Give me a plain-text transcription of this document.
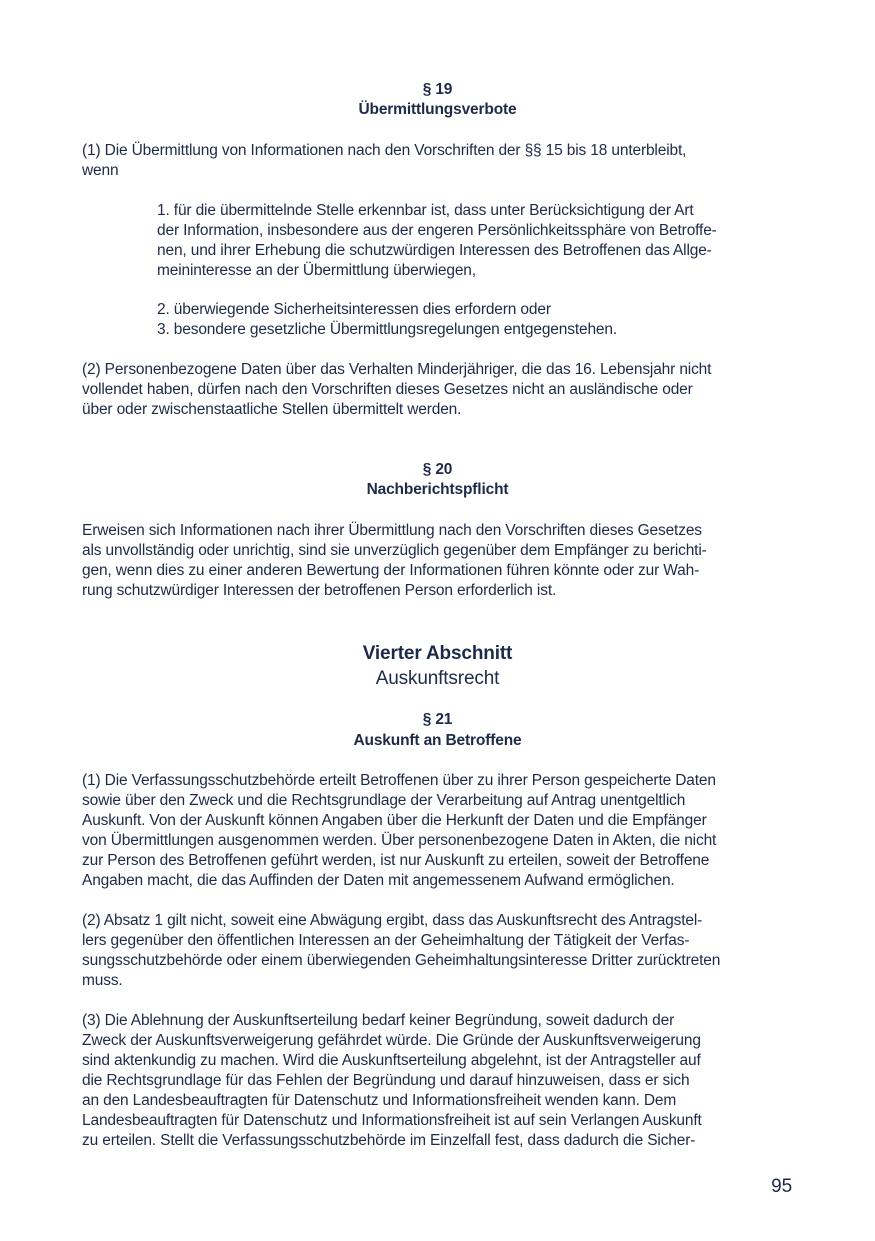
§ 19
Übermittlungsverbote
(1) Die Übermittlung von Informationen nach den Vorschriften der §§ 15 bis 18 unterbleibt,
wenn
1. für die übermittelnde Stelle erkennbar ist, dass unter Berücksichtigung der Art
der Information, insbesondere aus der engeren Persönlichkeitssphäre von Betroffe-
nen, und ihrer Erhebung die schutzwürdigen Interessen des Betroffenen das Allge-
meininteresse an der Übermittlung überwiegen,
2. überwiegende Sicherheitsinteressen dies erfordern oder
3. besondere gesetzliche Übermittlungsregelungen entgegenstehen.
(2) Personenbezogene Daten über das Verhalten Minderjähriger, die das 16. Lebensjahr nicht
vollendet haben, dürfen nach den Vorschriften dieses Gesetzes nicht an ausländische oder
über oder zwischenstaatliche Stellen übermittelt werden.
§ 20
Nachberichtspflicht
Erweisen sich Informationen nach ihrer Übermittlung nach den Vorschriften dieses Gesetzes
als unvollständig oder unrichtig, sind sie unverzüglich gegenüber dem Empfänger zu berichti-
gen, wenn dies zu einer anderen Bewertung der Informationen führen könnte oder zur Wah-
rung schutzwürdiger Interessen der betroffenen Person erforderlich ist.
Vierter Abschnitt
Auskunftsrecht
§ 21
Auskunft an Betroffene
(1) Die Verfassungsschutzbehörde erteilt Betroffenen über zu ihrer Person gespeicherte Daten
sowie über den Zweck und die Rechtsgrundlage der Verarbeitung auf Antrag unentgeltlich
Auskunft. Von der Auskunft können Angaben über die Herkunft der Daten und die Empfänger
von Übermittlungen ausgenommen werden. Über personenbezogene Daten in Akten, die nicht
zur Person des Betroffenen geführt werden, ist nur Auskunft zu erteilen, soweit der Betroffene
Angaben macht, die das Auffinden der Daten mit angemessenem Aufwand ermöglichen.
(2) Absatz 1 gilt nicht, soweit eine Abwägung ergibt, dass das Auskunftsrecht des Antragstel-
lers gegenüber den öffentlichen Interessen an der Geheimhaltung der Tätigkeit der Verfas-
sungsschutzbehörde oder einem überwiegenden Geheimhaltungsinteresse Dritter zurücktreten
muss.
(3) Die Ablehnung der Auskunftserteilung bedarf keiner Begründung, soweit dadurch der
Zweck der Auskunftsverweigerung gefährdet würde. Die Gründe der Auskunftsverweigerung
sind aktenkundig zu machen. Wird die Auskunftserteilung abgelehnt, ist der Antragsteller auf
die Rechtsgrundlage für das Fehlen der Begründung und darauf hinzuweisen, dass er sich
an den Landesbeauftragten für Datenschutz und Informationsfreiheit wenden kann. Dem
Landesbeauftragten für Datenschutz und Informationsfreiheit ist auf sein Verlangen Auskunft
zu erteilen. Stellt die Verfassungsschutzbehörde im Einzelfall fest, dass dadurch die Sicher-
95
